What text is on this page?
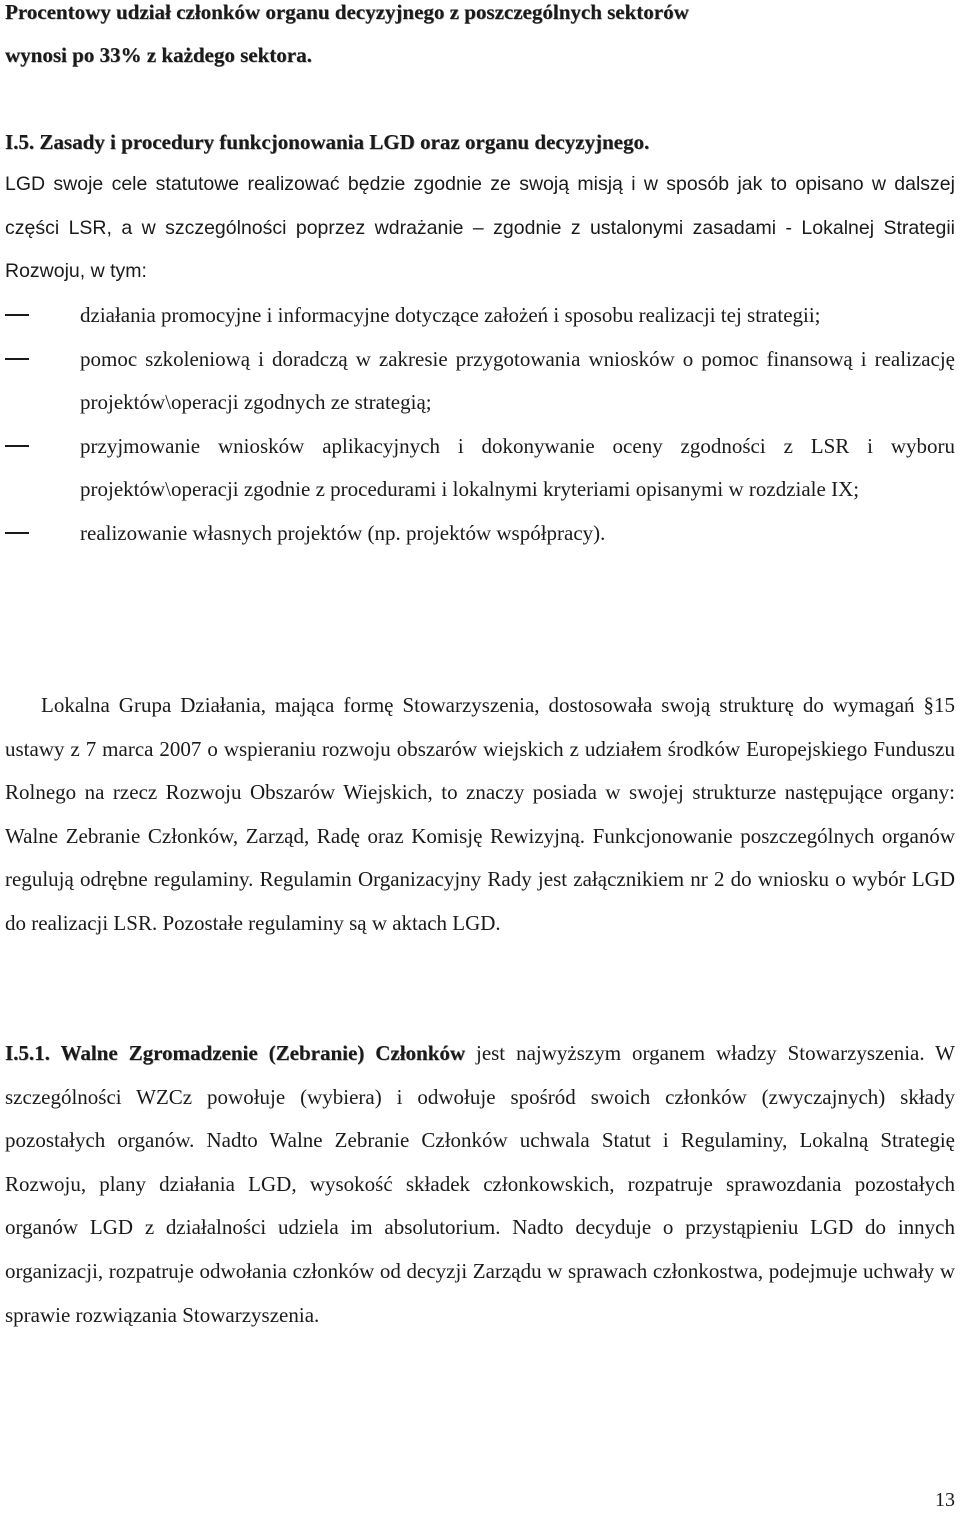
Procentowy udział członków organu decyzyjnego z poszczególnych sektorów
wynosi po 33% z każdego sektora.
I.5. Zasady i procedury funkcjonowania LGD oraz organu decyzyjnego.

LGD swoje cele statutowe realizować będzie zgodnie ze swoją misją i w sposób jak to opisano w dalszej części LSR, a w szczególności poprzez wdrażanie – zgodnie z ustalonymi zasadami - Lokalnej Strategii Rozwoju, w tym:

działania promocyjne i informacyjne dotyczące założeń i sposobu realizacji tej strategii;
pomoc szkoleniową i doradczą w zakresie przygotowania wniosków o pomoc finansową i realizację projektów\operacji zgodnych ze strategią;
przyjmowanie wniosków aplikacyjnych i dokonywanie oceny zgodności z LSR i wyboru projektów\operacji zgodnie z procedurami i lokalnymi kryteriami opisanymi w rozdziale IX;
realizowanie własnych projektów (np. projektów współpracy).

Lokalna Grupa Działania, mająca formę Stowarzyszenia, dostosowała swoją strukturę do wymagań §15 ustawy z 7 marca 2007 o wspieraniu rozwoju obszarów wiejskich z udziałem środków Europejskiego Funduszu Rolnego na rzecz Rozwoju Obszarów Wiejskich, to znaczy posiada w swojej strukturze następujące organy: Walne Zebranie Członków, Zarząd, Radę oraz Komisję Rewizyjną. Funkcjonowanie poszczególnych organów regulują odrębne regulaminy. Regulamin Organizacyjny Rady jest załącznikiem nr 2 do wniosku o wybór LGD do realizacji LSR. Pozostałe regulaminy są w aktach LGD.

I.5.1. Walne Zgromadzenie (Zebranie) Członków jest najwyższym organem władzy Stowarzyszenia. W szczególności WZCz powołuje (wybiera) i odwołuje spośród swoich członków (zwyczajnych) składy pozostałych organów. Nadto Walne Zebranie Członków uchwala Statut i Regulaminy, Lokalną Strategię Rozwoju, plany działania LGD, wysokość składek członkowskich, rozpatruje sprawozdania pozostałych organów LGD z działalności udziela im absolutorium. Nadto decyduje o przystąpieniu LGD do innych organizacji, rozpatruje odwołania członków od decyzji Zarządu w sprawach członkostwa, podejmuje uchwały w sprawie rozwiązania Stowarzyszenia.

13
